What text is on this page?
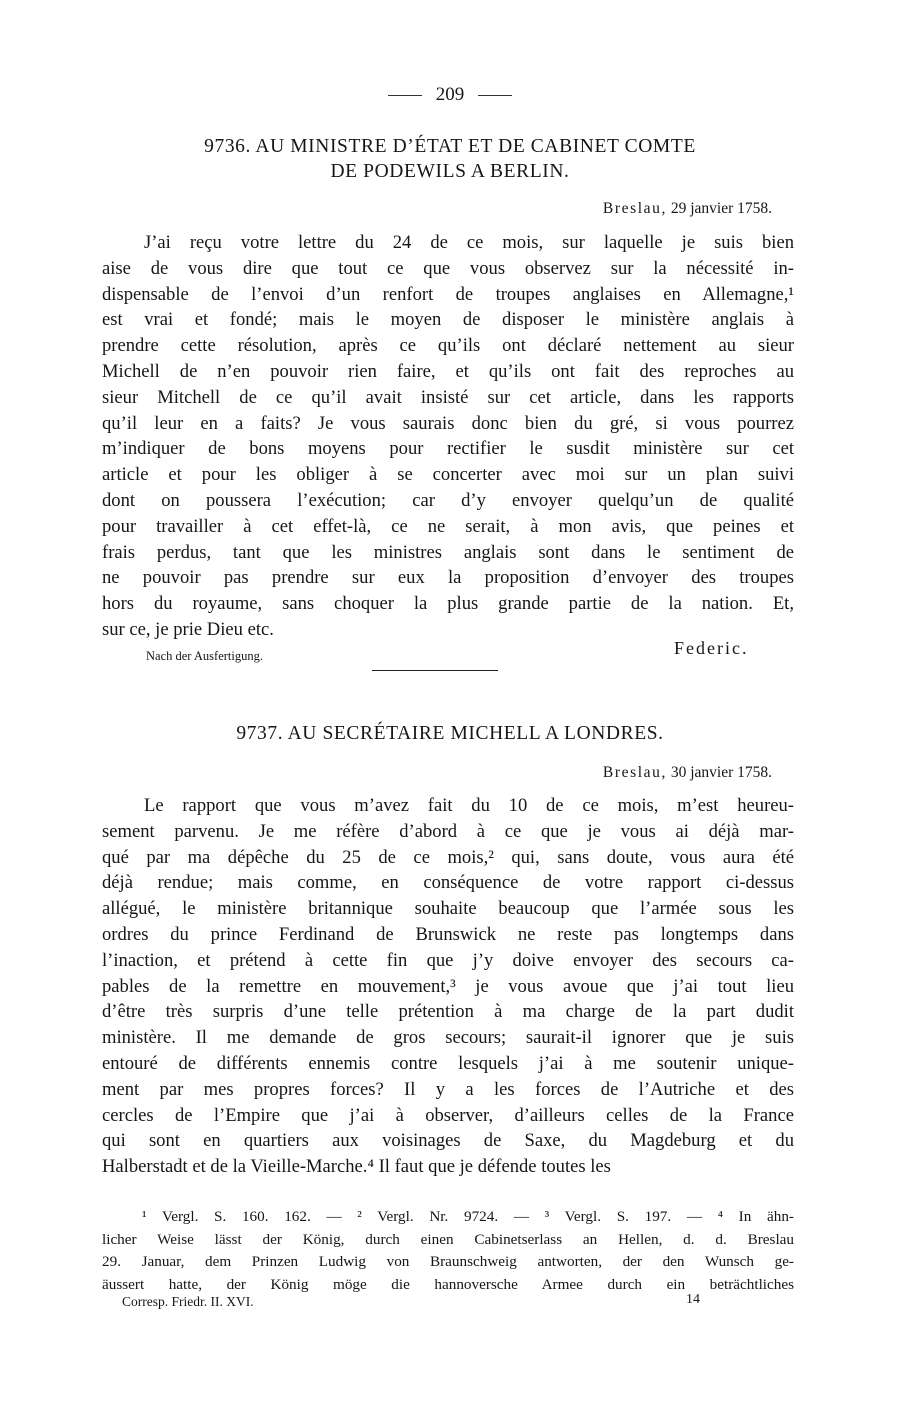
209
9736. AU MINISTRE D’ÉTAT ET DE CABINET COMTE
DE PODEWILS A BERLIN.
Breslau, 29 janvier 1758.
J’ai reçu votre lettre du 24 de ce mois, sur laquelle je suis bien
aise de vous dire que tout ce que vous observez sur la nécessité in-
dispensable de l’envoi d’un renfort de troupes anglaises en Allemagne,¹
est vrai et fondé; mais le moyen de disposer le ministère anglais à
prendre cette résolution, après ce qu’ils ont déclaré nettement au sieur
Michell de n’en pouvoir rien faire, et qu’ils ont fait des reproches au
sieur Mitchell de ce qu’il avait insisté sur cet article, dans les rapports
qu’il leur en a faits? Je vous saurais donc bien du gré, si vous pourrez
m’indiquer de bons moyens pour rectifier le susdit ministère sur cet
article et pour les obliger à se concerter avec moi sur un plan suivi
dont on poussera l’exécution; car d’y envoyer quelqu’un de qualité
pour travailler à cet effet-là, ce ne serait, à mon avis, que peines et
frais perdus, tant que les ministres anglais sont dans le sentiment de
ne pouvoir pas prendre sur eux la proposition d’envoyer des troupes
hors du royaume, sans choquer la plus grande partie de la nation. Et,
sur ce, je prie Dieu etc.
Nach der Ausfertigung.	Federic.
9737. AU SECRÉTAIRE MICHELL A LONDRES.
Breslau, 30 janvier 1758.
Le rapport que vous m’avez fait du 10 de ce mois, m’est heureu-
sement parvenu. Je me réfère d’abord à ce que je vous ai déjà mar-
qué par ma dépêche du 25 de ce mois,² qui, sans doute, vous aura été
déjà rendue; mais comme, en conséquence de votre rapport ci-dessus
allégué, le ministère britannique souhaite beaucoup que l’armée sous les
ordres du prince Ferdinand de Brunswick ne reste pas longtemps dans
l’inaction, et prétend à cette fin que j’y doive envoyer des secours ca-
pables de la remettre en mouvement,³ je vous avoue que j’ai tout lieu
d’être très surpris d’une telle prétention à ma charge de la part dudit
ministère. Il me demande de gros secours; saurait-il ignorer que je suis
entouré de différents ennemis contre lesquels j’ai à me soutenir unique-
ment par mes propres forces? Il y a les forces de l’Autriche et des
cercles de l’Empire que j’ai à observer, d’ailleurs celles de la France
qui sont en quartiers aux voisinages de Saxe, du Magdeburg et du
Halberstadt et de la Vieille-Marche.⁴ Il faut que je défende toutes les
¹ Vergl. S. 160. 162. — ² Vergl. Nr. 9724. — ³ Vergl. S. 197. — ⁴ In ähn-
licher Weise lässt der König, durch einen Cabinetserlass an Hellen, d. d. Breslau
29. Januar, dem Prinzen Ludwig von Braunschweig antworten, der den Wunsch ge-
äussert hatte, der König möge die hannoversche Armee durch ein beträchtliches
Corresp. Friedr. II. XVI.	14
